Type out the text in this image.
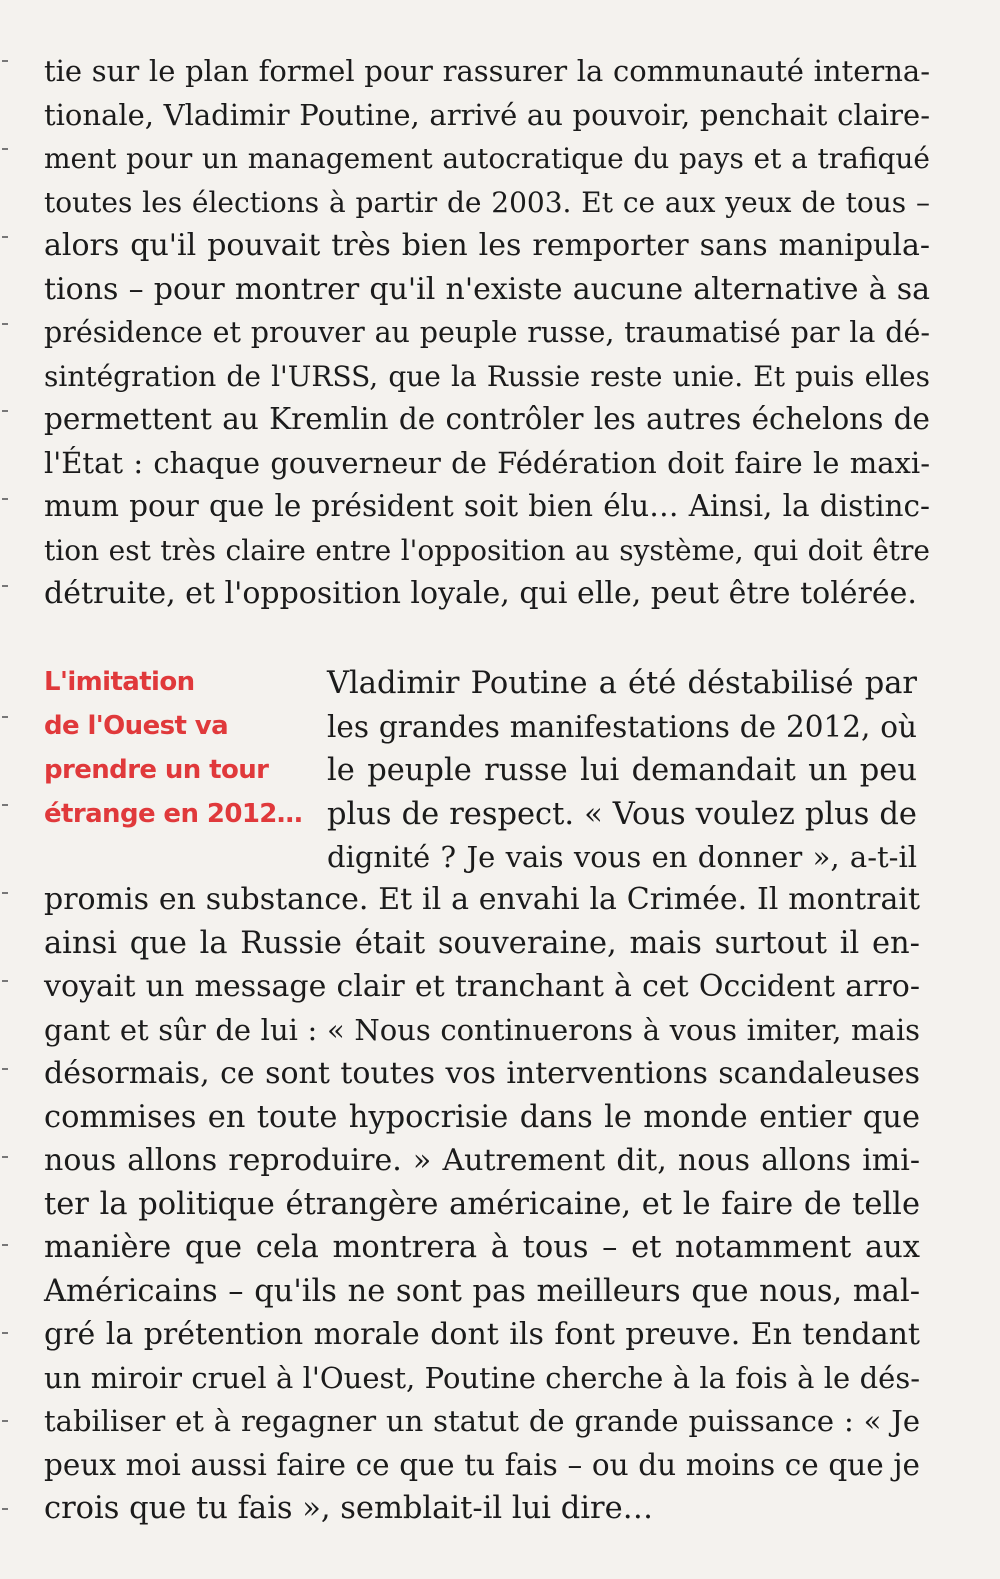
tie sur le plan formel pour rassurer la communauté interna-
tionale, Vladimir Poutine, arrivé au pouvoir, penchait claire-
ment pour un management autocratique du pays et a trafiqué
toutes les élections à partir de 2003. Et ce aux yeux de tous –
alors qu'il pouvait très bien les remporter sans manipula-
tions – pour montrer qu'il n'existe aucune alternative à sa
présidence et prouver au peuple russe, traumatisé par la dé-
sintégration de l'URSS, que la Russie reste unie. Et puis elles
permettent au Kremlin de contrôler les autres échelons de
l'État : chaque gouverneur de Fédération doit faire le maxi-
mum pour que le président soit bien élu… Ainsi, la distinc-
tion est très claire entre l'opposition au système, qui doit être
détruite, et l'opposition loyale, qui elle, peut être tolérée.
L'imitation
de l'Ouest va
prendre un tour
étrange en 2012…
Vladimir Poutine a été déstabilisé par
les grandes manifestations de 2012, où
le peuple russe lui demandait un peu
plus de respect. « Vous voulez plus de
dignité ? Je vais vous en donner », a-t-il
promis en substance. Et il a envahi la Crimée. Il montrait
ainsi que la Russie était souveraine, mais surtout il en-
voyait un message clair et tranchant à cet Occident arro-
gant et sûr de lui : « Nous continuerons à vous imiter, mais
désormais, ce sont toutes vos interventions scandaleuses
commises en toute hypocrisie dans le monde entier que
nous allons reproduire. » Autrement dit, nous allons imi-
ter la politique étrangère américaine, et le faire de telle
manière que cela montrera à tous – et notamment aux
Américains – qu'ils ne sont pas meilleurs que nous, mal-
gré la prétention morale dont ils font preuve. En tendant
un miroir cruel à l'Ouest, Poutine cherche à la fois à le dés-
tabiliser et à regagner un statut de grande puissance : « Je
peux moi aussi faire ce que tu fais – ou du moins ce que je
crois que tu fais », semblait-il lui dire…
